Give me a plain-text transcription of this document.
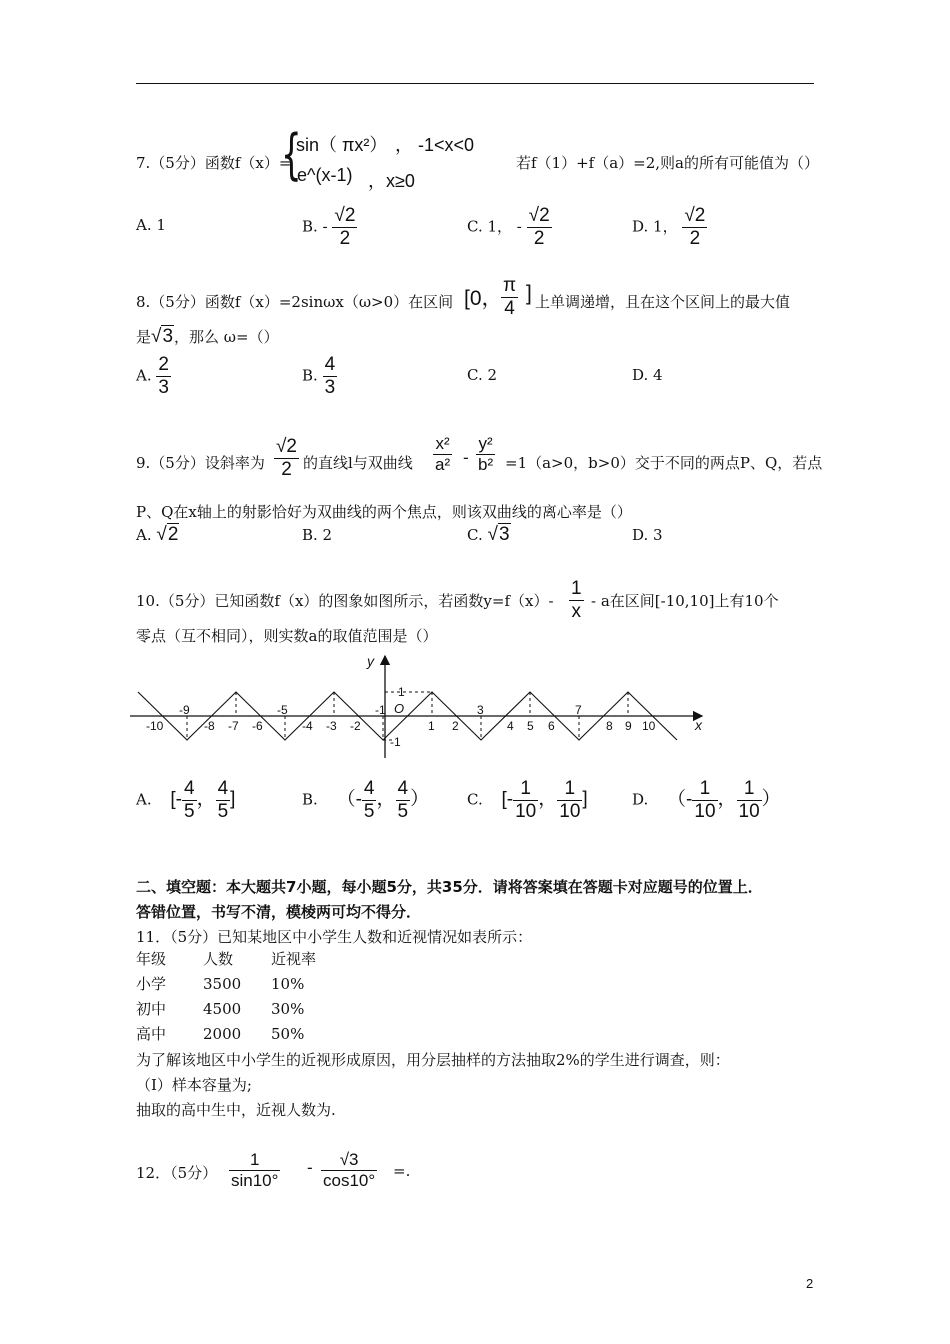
7.（5分）函数f（x）=
{
sin（ πx²） ， -1<x<0
e^(x-1) ，x≥0
若f（1）+f（a）=2,则a的所有可能值为（）
A. 1	B. - $\frac{√2}{2}$	C. 1， - $\frac{√2}{2}$	D. 1， $\frac{√2}{2}$
8.（5分）函数f（x）=2sinωx（ω>0）在区间 [0，
$\frac{\pi}{4}$ ] 上单调递增，且在这个区间上的最大值
是√3，那么 ω=（）
A. $\frac{2}{3}$	B. $\frac{4}{3}$	C. 2	D. 4
9.（5分）设斜率为 $\frac{√2}{2}$ 的直线l与双曲线 $\frac{\text{x²}}{\text{a²}} - \frac{\text{y²}}{\text{b²}} =1(a>0$，b>0）交于不同的两点P、Q，若点
P、Q在x轴上的射影恰好为双曲线的两个焦点，则该双曲线的离心率是（）
A. √2	B. 2	C. √3	D. 3
10.（5分）已知函数f（x）的图象如图所示，若函数$y=f(x)- \frac{1}{x} - a$在区间[-10,10]上有10个
零点（互不相同），则实数a的取值范围是（）
y
x
O
1
-1
-9	-5	-1	3	7
-10	-8 -7 -6	-4 -3 -2	1 2	4 5 6	8 9 10
A. [- $\frac{4}{5}$ ， $\frac{4}{5}$ ]	B. （- $\frac{4}{5}$ ， $\frac{4}{5}$ ）	C. [- $\frac{1}{10}$ ， $\frac{1}{10}$ ]	D. （- $\frac{1}{10}$ ， $\frac{1}{10}$ ）
二、填空题：本大题共7小题，每小题5分，共35分．请将答案填在答题卡对应题号的位置上．
答错位置，书写不清，模棱两可均不得分．
11．（5分）已知某地区中小学生人数和近视情况如表所示：
年级	人数	近视率
小学	3500	10%
初中	4500	30%
高中	2000	50%
为了解该地区中小学生的近视形成原因，用分层抽样的方法抽取2%的学生进行调查，则：
（Ⅰ）样本容量为;
抽取的高中生中，近视人数为.
12．（5分） $\frac{1}{\sin 10^\circ} - \frac{√3}{\cos 10^\circ}$ =.
2
